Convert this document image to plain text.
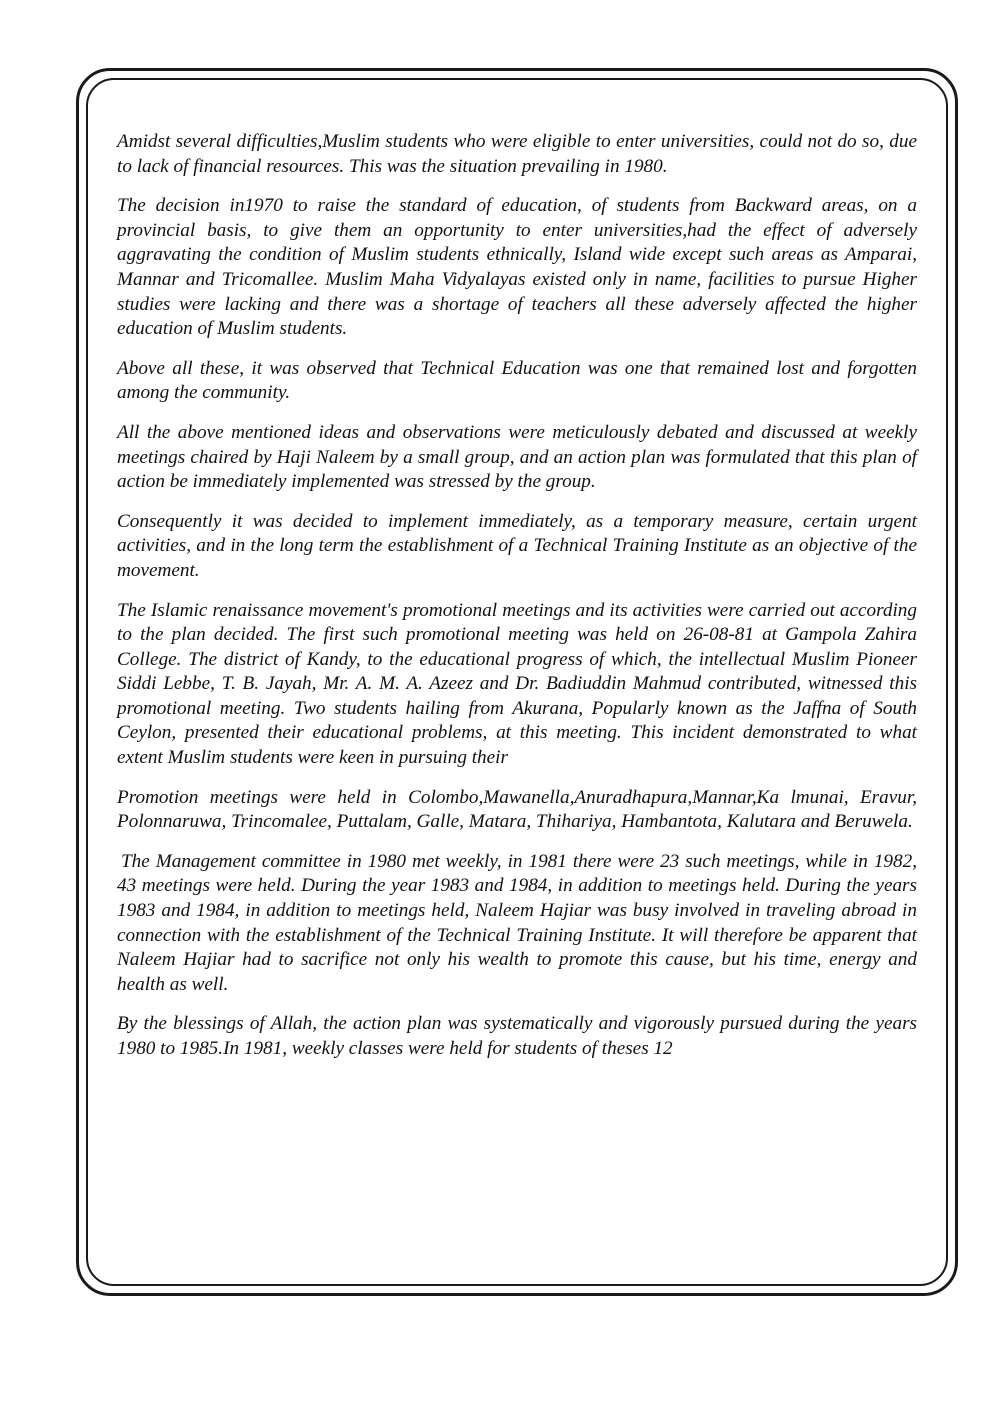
Amidst several difficulties,Muslim students who were eligible to enter universities, could not do so, due to lack of financial resources. This was the situation prevailing in 1980.

The decision in1970 to raise the standard of education, of students from Backward areas, on a provincial basis, to give them an opportunity to enter universities,had the effect of adversely aggravating the condition of Muslim students ethnically, Island wide except such areas as Amparai, Mannar and Tricomallee. Muslim Maha Vidyalayas existed only in name, facilities to pursue Higher studies were lacking and there was a shortage of teachers all these adversely affected the higher education of Muslim students.

Above all these, it was observed that Technical Education was one that remained lost and forgotten among the community.

All the above mentioned ideas and observations were meticulously debated and discussed at weekly meetings chaired by Haji Naleem by a small group, and an action plan was formulated that this plan of action be immediately implemented was stressed by the group.

Consequently it was decided to implement immediately, as a temporary measure, certain urgent activities, and in the long term the establishment of a Technical Training Institute as an objective of the movement.

The Islamic renaissance movement's promotional meetings and its activities were carried out according to the plan decided. The first such promotional meeting was held on 26-08-81 at Gampola Zahira College. The district of Kandy, to the educational progress of which, the intellectual Muslim Pioneer Siddi Lebbe, T. B. Jayah, Mr. A. M. A. Azeez and Dr. Badiuddin Mahmud contributed, witnessed this promotional meeting. Two students hailing from Akurana, Popularly known as the Jaffna of South Ceylon, presented their educational problems, at this meeting. This incident demonstrated to what extent Muslim students were keen in pursuing their

Promotion meetings were held in Colombo,Mawanella,Anuradhapura,Mannar,Ka lmunai, Eravur, Polonnaruwa, Trincomalee, Puttalam, Galle, Matara, Thihariya, Hambantota, Kalutara and Beruwela.

The Management committee in 1980 met weekly, in 1981 there were 23 such meetings, while in 1982, 43 meetings were held. During the year 1983 and 1984, in addition to meetings held. During the years 1983 and 1984, in addition to meetings held, Naleem Hajiar was busy involved in traveling abroad in connection with the establishment of the Technical Training Institute. It will therefore be apparent that Naleem Hajiar had to sacrifice not only his wealth to promote this cause, but his time, energy and health as well.

By the blessings of Allah, the action plan was systematically and vigorously pursued during the years 1980 to 1985.In 1981, weekly classes were held for students of theses 12
